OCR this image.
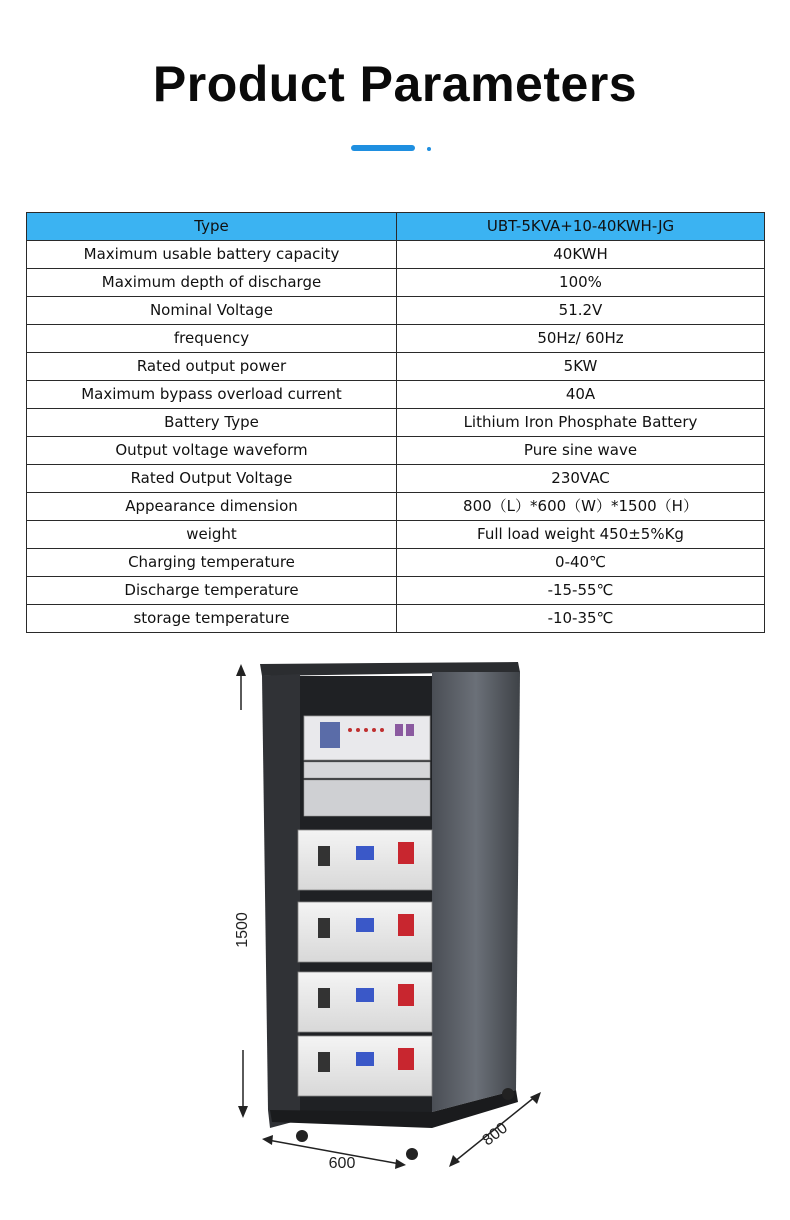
Product Parameters
Type	UBT-5KVA+10-40KWH-JG
Maximum usable battery capacity	40KWH
Maximum depth of discharge	100%
Nominal Voltage	51.2V
frequency	50Hz/ 60Hz
Rated output power	5KW
Maximum bypass overload current	40A
Battery Type	Lithium Iron Phosphate Battery
Output voltage waveform	Pure sine wave
Rated Output Voltage	230VAC
Appearance dimension	800（L）*600（W）*1500（H）
weight	Full load weight 450±5%Kg
Charging temperature	0-40℃
Discharge temperature	-15-55℃
storage temperature	-10-35℃
1500
600
800
